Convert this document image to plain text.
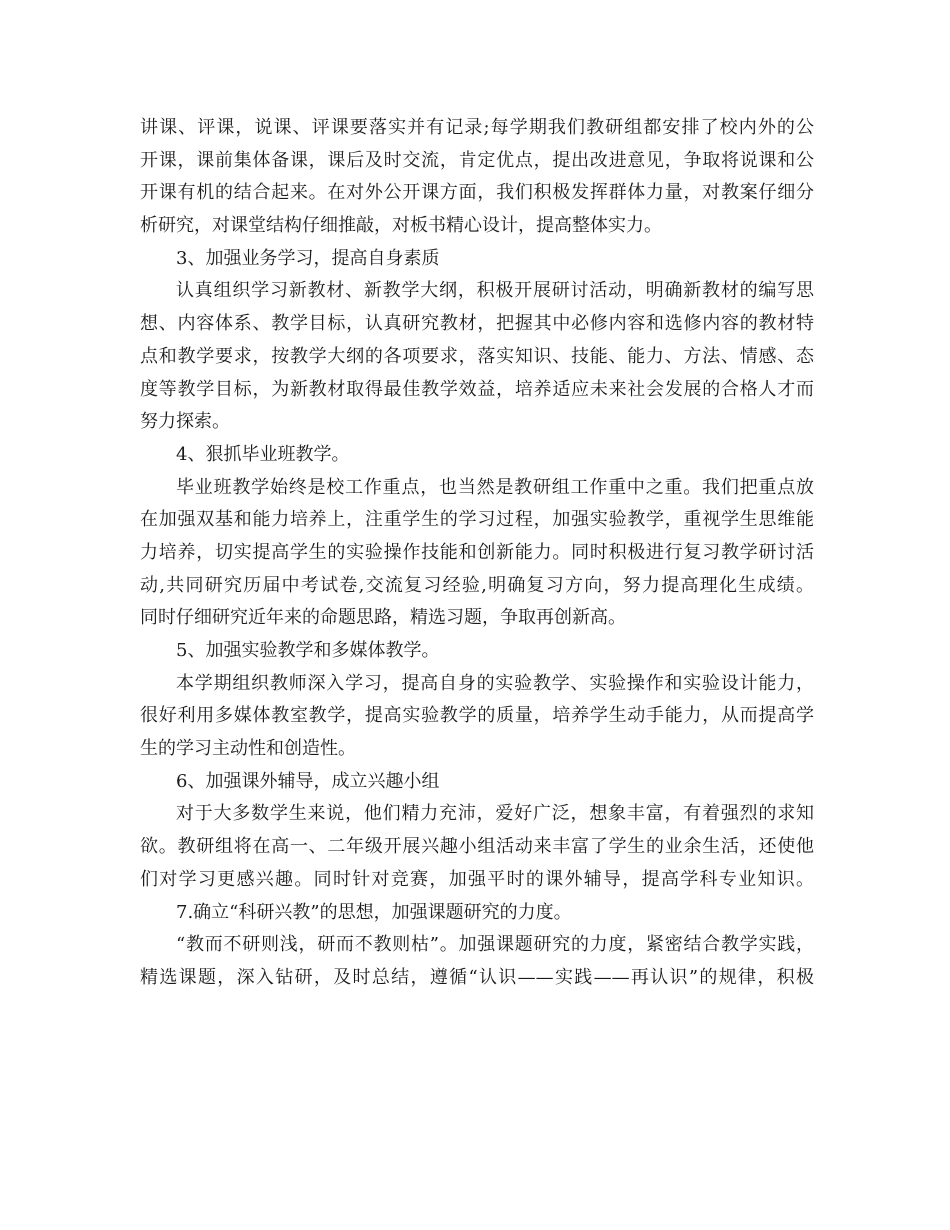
讲课、评课，说课、评课要落实并有记录;每学期我们教研组都安排了校内外的公
开课，课前集体备课，课后及时交流，肯定优点，提出改进意见，争取将说课和公
开课有机的结合起来。在对外公开课方面，我们积极发挥群体力量，对教案仔细分
析研究，对课堂结构仔细推敲，对板书精心设计，提高整体实力。
3、加强业务学习，提高自身素质
认真组织学习新教材、新教学大纲，积极开展研讨活动，明确新教材的编写思
想、内容体系、教学目标，认真研究教材，把握其中必修内容和选修内容的教材特
点和教学要求，按教学大纲的各项要求，落实知识、技能、能力、方法、情感、态
度等教学目标，为新教材取得最佳教学效益，培养适应未来社会发展的合格人才而
努力探索。
4、狠抓毕业班教学。
毕业班教学始终是校工作重点，也当然是教研组工作重中之重。我们把重点放
在加强双基和能力培养上，注重学生的学习过程，加强实验教学，重视学生思维能
力培养，切实提高学生的实验操作技能和创新能力。同时积极进行复习教学研讨活
动,共同研究历届中考试卷,交流复习经验,明确复习方向，努力提高理化生成绩。
同时仔细研究近年来的命题思路，精选习题，争取再创新高。
5、加强实验教学和多媒体教学。
本学期组织教师深入学习，提高自身的实验教学、实验操作和实验设计能力，
很好利用多媒体教室教学，提高实验教学的质量，培养学生动手能力，从而提高学
生的学习主动性和创造性。
6、加强课外辅导，成立兴趣小组
对于大多数学生来说，他们精力充沛，爱好广泛，想象丰富，有着强烈的求知
欲。教研组将在高一、二年级开展兴趣小组活动来丰富了学生的业余生活，还使他
们对学习更感兴趣。同时针对竞赛，加强平时的课外辅导，提高学科专业知识。
7.确立“科研兴教”的思想，加强课题研究的力度。
“教而不研则浅，研而不教则枯”。加强课题研究的力度，紧密结合教学实践，
精选课题，深入钻研，及时总结，遵循“认识——实践——再认识”的规律，积极
